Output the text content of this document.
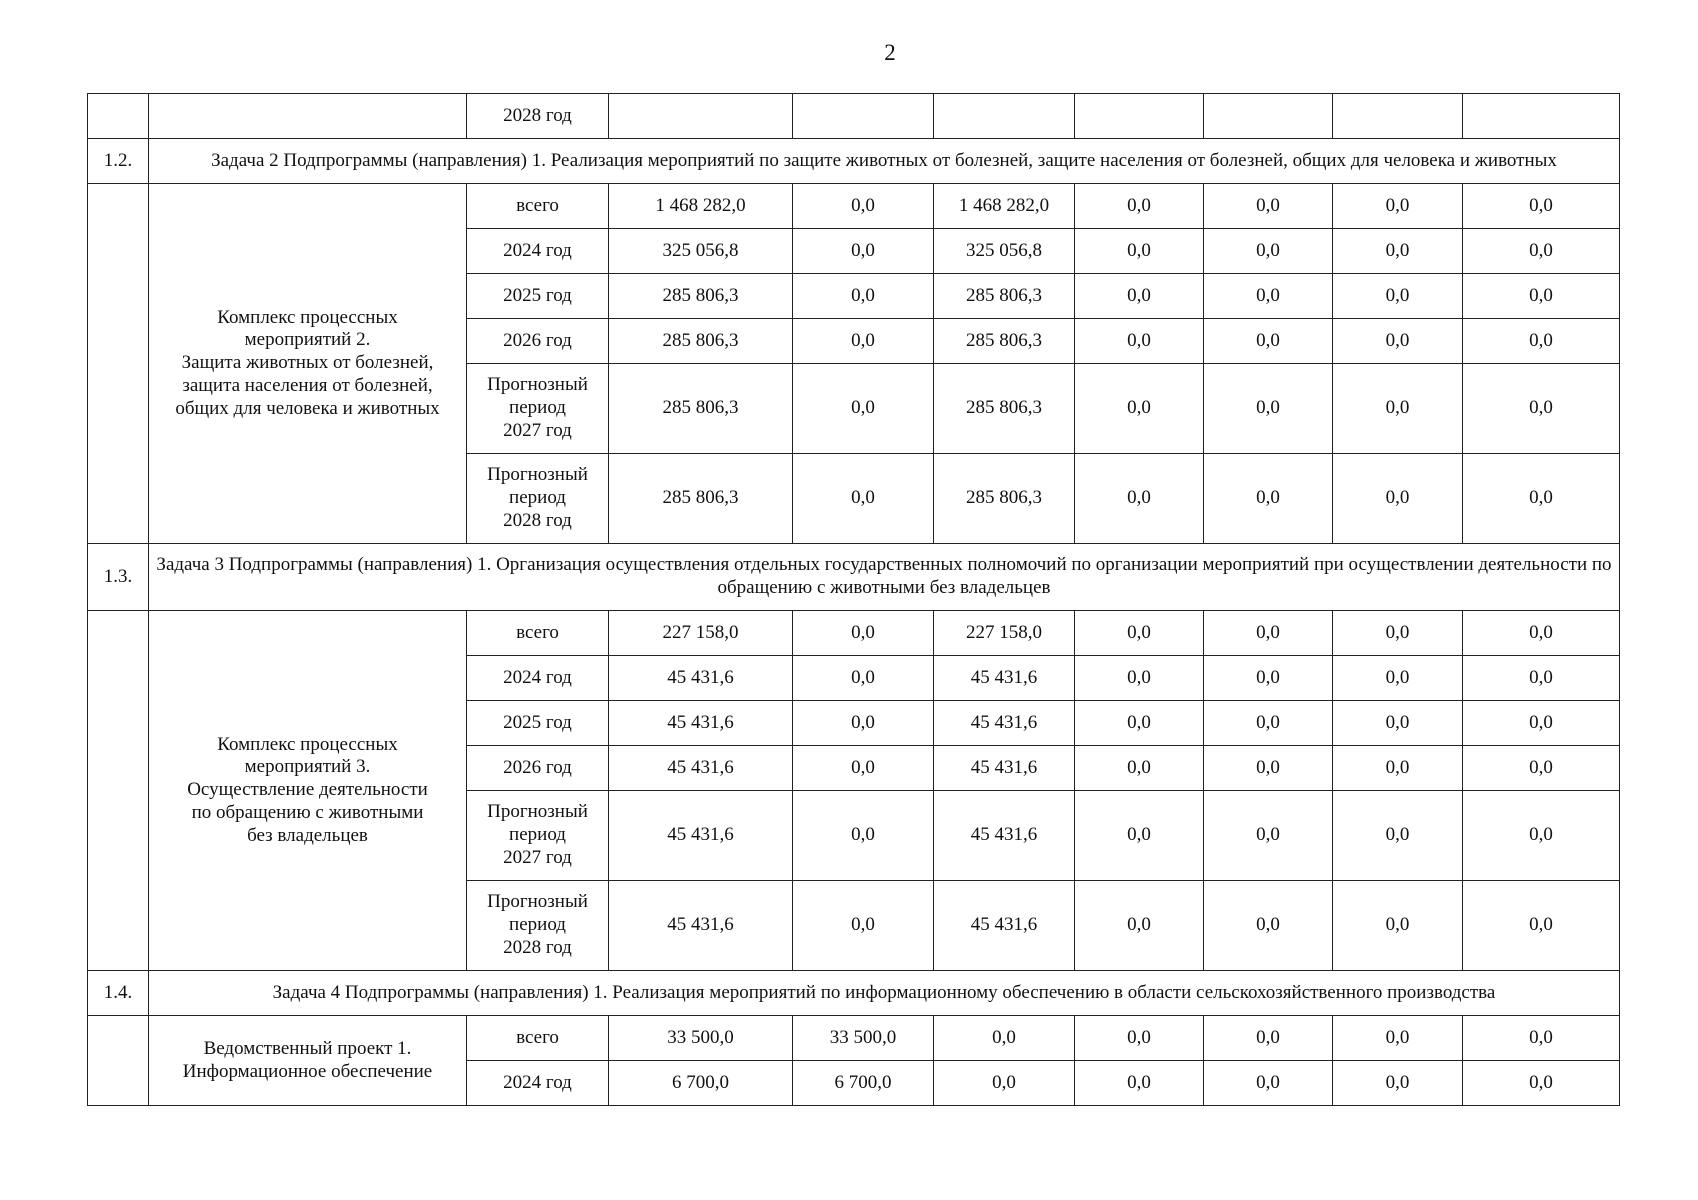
2
		2028 год							
1.2.	Задача 2 Подпрограммы (направления) 1. Реализация мероприятий по защите животных от болезней, защите населения от болезней, общих для человека и животных								

	Комплекс процессных
мероприятий 2.
Защита животных от болезней,
защита населения от болезней,
общих для человека и животных	всего	1 468 282,0	0,0	1 468 282,0	0,0	0,0	0,0	0,0

		2024 год	325 056,8	0,0	325 056,8	0,0	0,0	0,0	0,0

		2025 год	285 806,3	0,0	285 806,3	0,0	0,0	0,0	0,0

		2026 год	285 806,3	0,0	285 806,3	0,0	0,0	0,0	0,0

		Прогнозный
период
2027 год	285 806,3	0,0	285 806,3	0,0	0,0	0,0	0,0

		Прогнозный
период
2028 год	285 806,3	0,0	285 806,3	0,0	0,0	0,0	0,0
1.3.	Задача 3 Подпрограммы (направления) 1. Организация осуществления отдельных государственных полномочий по организации мероприятий при осуществлении деятельности по обращению с животными без владельцев								

	Комплекс процессных
мероприятий 3.
Осуществление деятельности
по обращению с животными
без владельцев	всего	227 158,0	0,0	227 158,0	0,0	0,0	0,0	0,0

		2024 год	45 431,6	0,0	45 431,6	0,0	0,0	0,0	0,0

		2025 год	45 431,6	0,0	45 431,6	0,0	0,0	0,0	0,0

		2026 год	45 431,6	0,0	45 431,6	0,0	0,0	0,0	0,0

		Прогнозный
период
2027 год	45 431,6	0,0	45 431,6	0,0	0,0	0,0	0,0

		Прогнозный
период
2028 год	45 431,6	0,0	45 431,6	0,0	0,0	0,0	0,0
1.4.	Задача 4 Подпрограммы (направления) 1. Реализация мероприятий по информационному обеспечению в области сельскохозяйственного производства								

	Ведомственный проект 1.
Информационное обеспечение	всего	33 500,0	33 500,0	0,0	0,0	0,0	0,0	0,0

		2024 год	6 700,0	6 700,0	0,0	0,0	0,0	0,0	0,0
